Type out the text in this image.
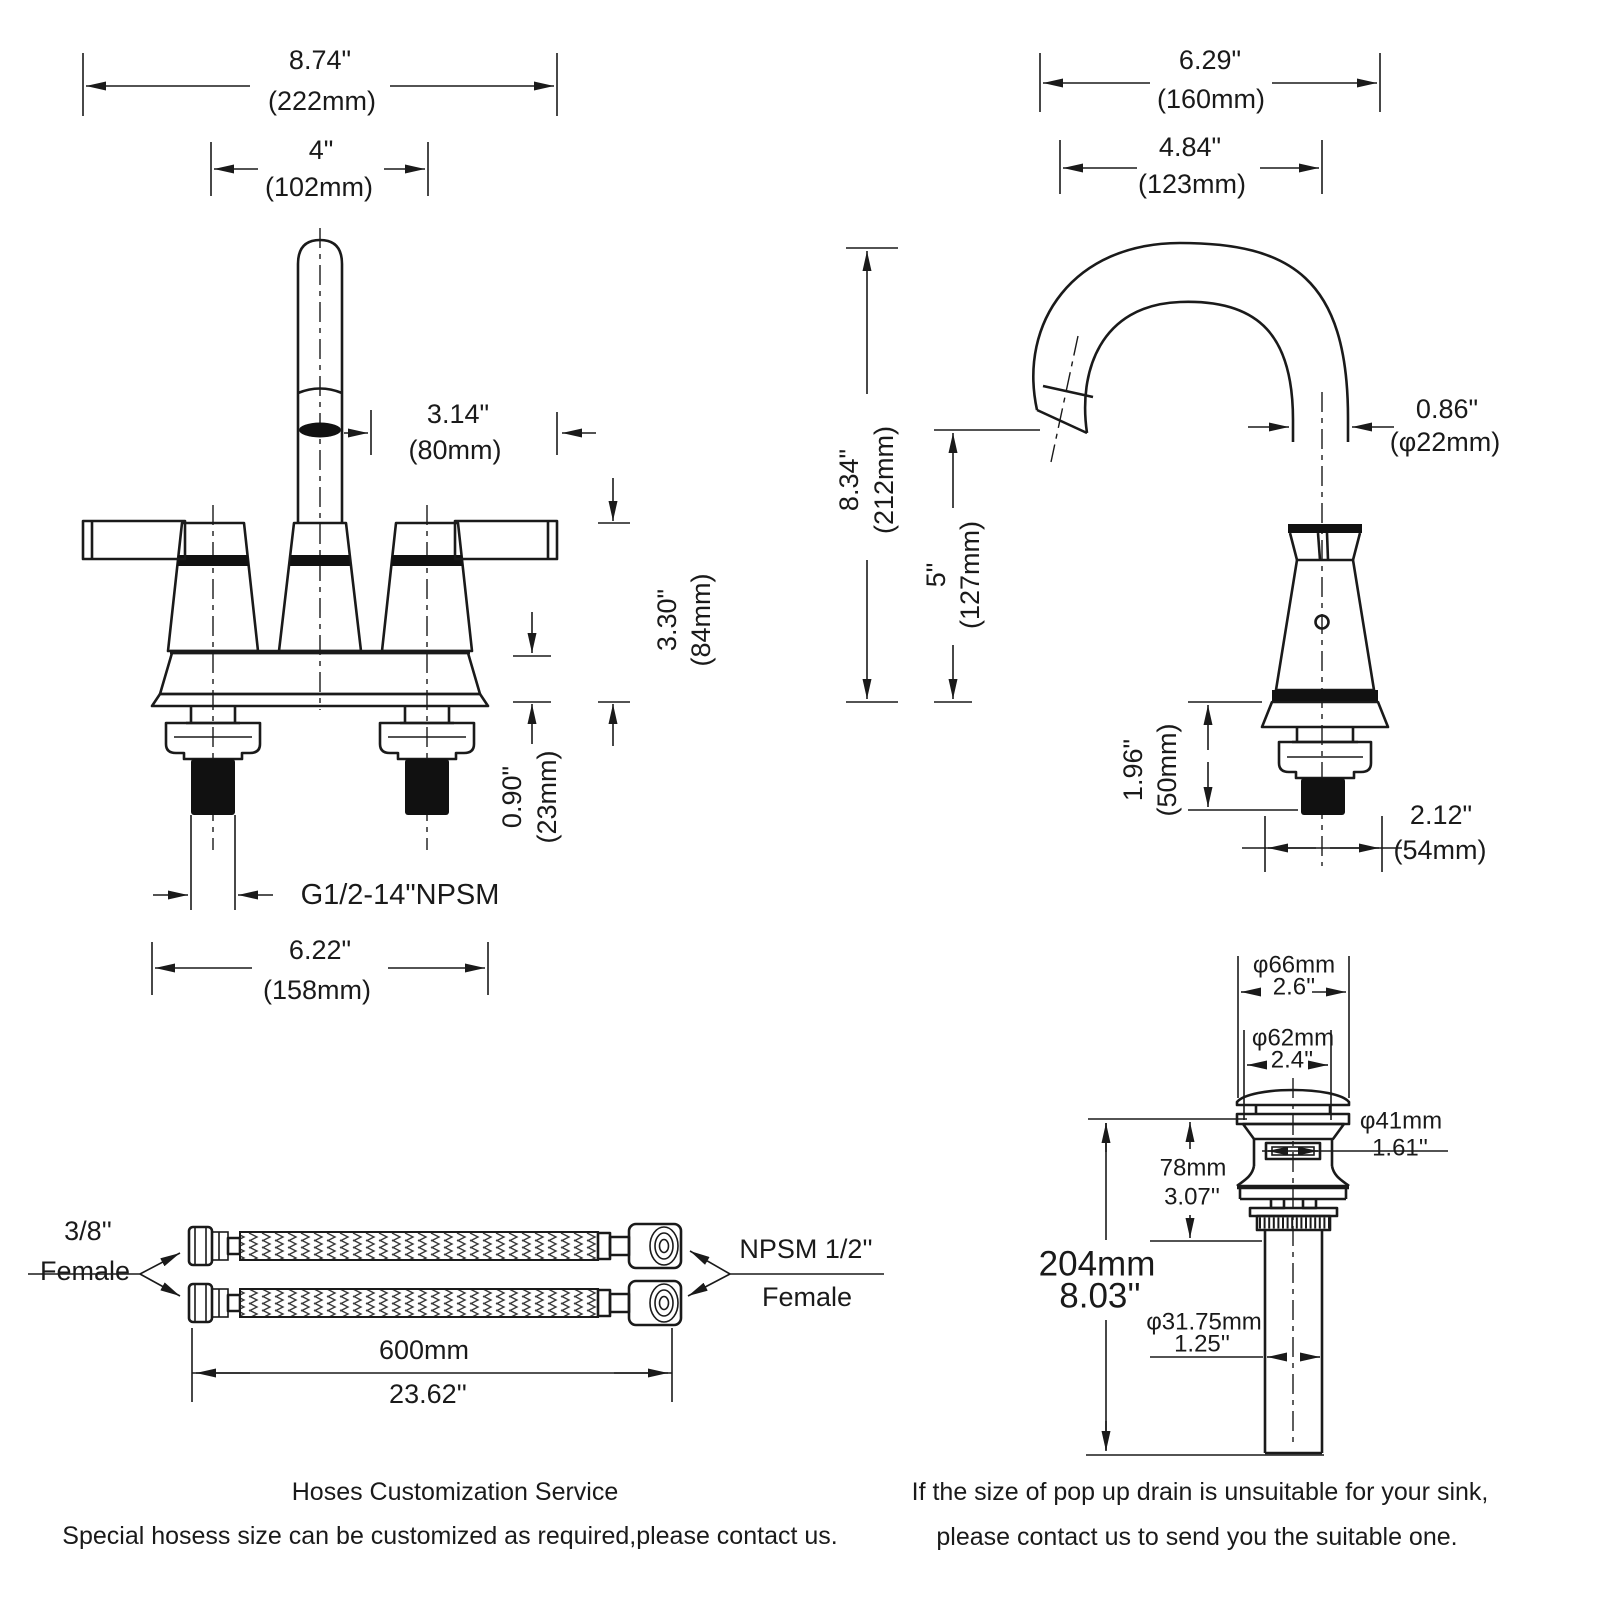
8.74"
(222mm)
4"
(102mm)
3.14"
(80mm)
3.30" (84mm)
0.90" (23mm)
G1/2-14"NPSM
6.22"
(158mm)
6.29"
(160mm)
4.84"
(123mm)
8.34" (212mm)
5" (127mm)
0.86"
(φ22mm)
1.96" (50mm)	2.12"
(54mm)
3/8''
Female
NPSM 1/2''
Female
600mm
23.62''
φ66mm
2.6''
φ62mm
2.4''
φ41mm
1.61''
78mm
3.07''
204mm
8.03''
φ31.75mm
1.25''
Hoses Customization Service
Special hosess size can be customized as required,please contact us.
If the size of pop up drain is unsuitable for your sink,
please contact us to send you the suitable one.
